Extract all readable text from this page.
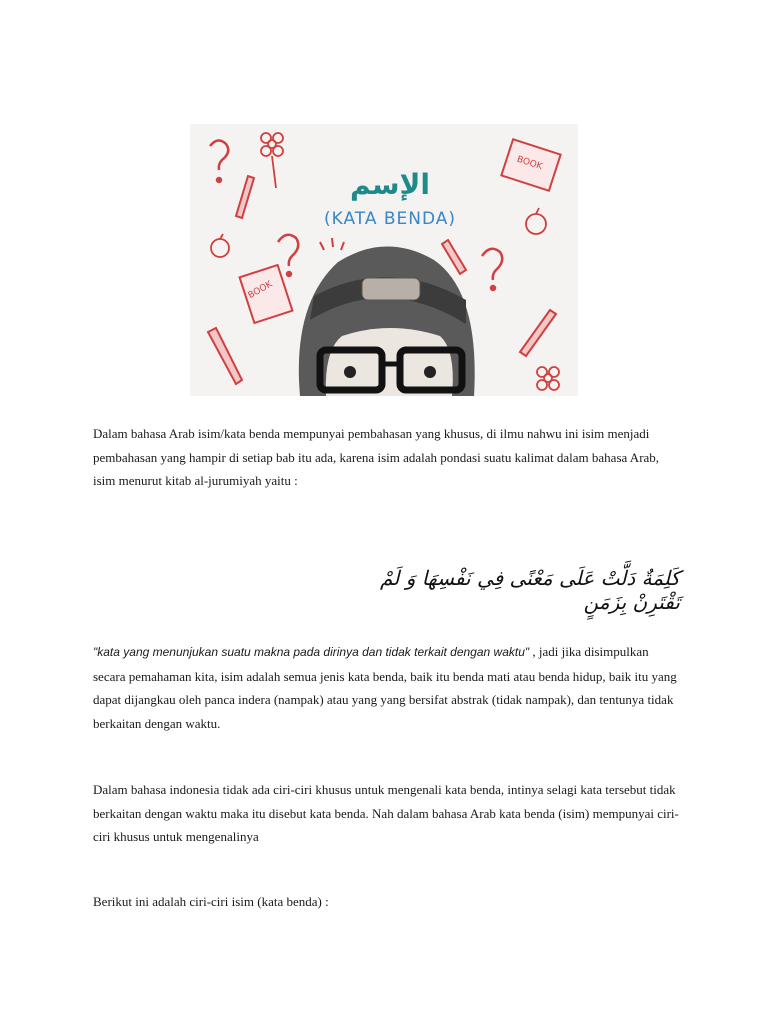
BOOK
BOOK
الإسم
(KATA BENDA)

Dalam bahasa Arab isim/kata benda mempunyai pembahasan yang khusus, di ilmu nahwu ini isim menjadi pembahasan yang hampir di setiap bab itu ada, karena isim adalah pondasi suatu kalimat dalam bahasa Arab, isim menurut kitab al-jurumiyah yaitu :

كَلِمَةٌ دَلَّتْ عَلَى مَعْنًى فِي نَفْسِهَا وَ لَمْ تَقْتَرِنْ بِزَمَنٍ

"kata yang menunjukan suatu makna pada dirinya dan tidak terkait dengan waktu" , jadi jika disimpulkan secara pemahaman kita, isim adalah semua jenis kata benda, baik itu benda mati atau benda hidup, baik itu yang dapat dijangkau oleh panca indera (nampak) atau yang yang bersifat abstrak (tidak nampak), dan tentunya tidak berkaitan dengan waktu.

Dalam bahasa indonesia tidak ada ciri-ciri khusus untuk mengenali kata benda, intinya selagi kata tersebut tidak berkaitan dengan waktu maka itu disebut kata benda. Nah dalam bahasa Arab kata benda (isim) mempunyai ciri-ciri khusus untuk mengenalinya

Berikut ini adalah ciri-ciri isim (kata benda) :
